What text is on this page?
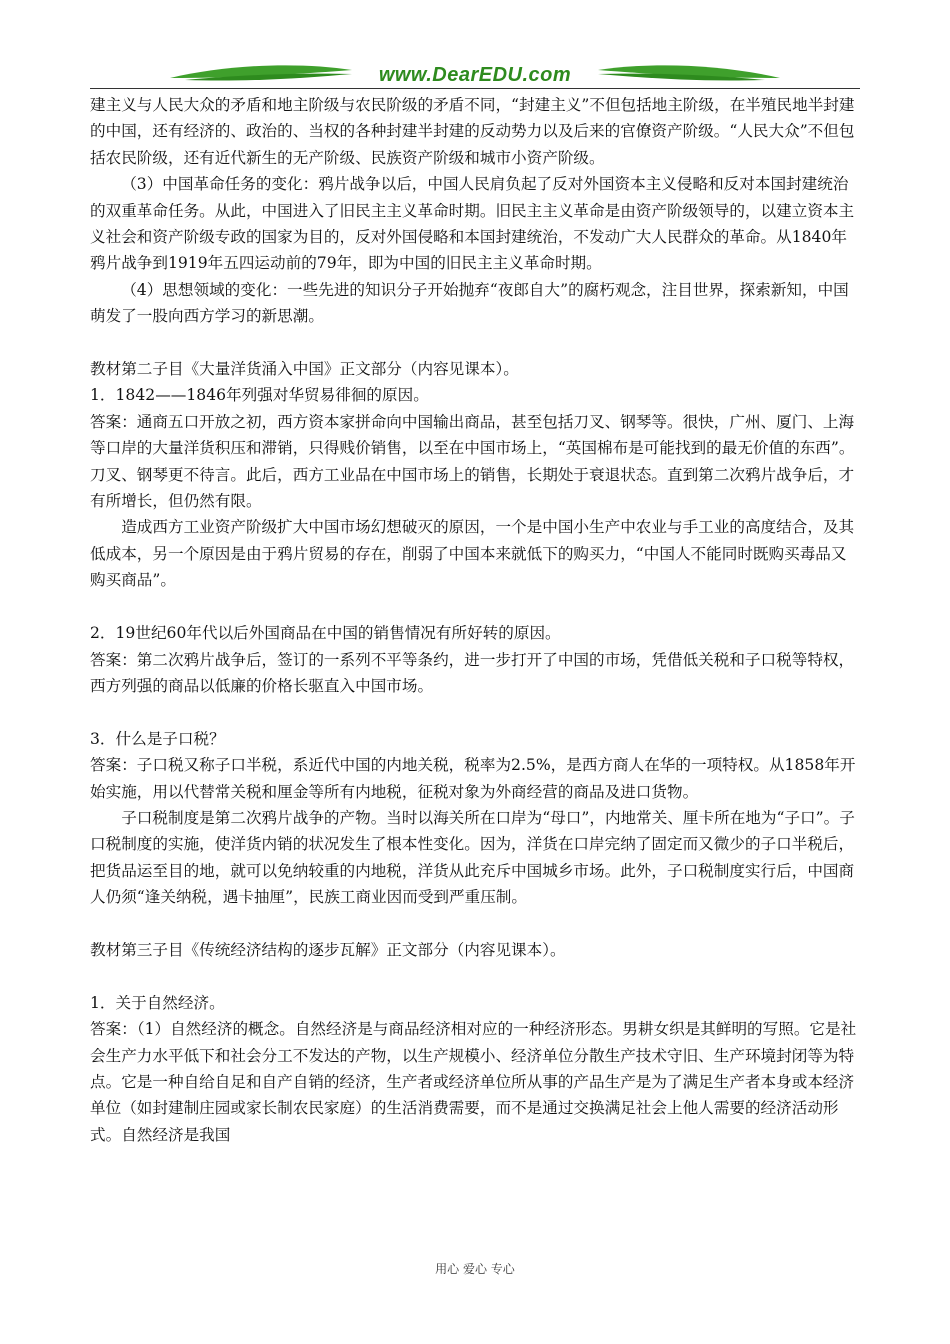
www.DearEDU.com

建主义与人民大众的矛盾和地主阶级与农民阶级的矛盾不同，“封建主义”不但包括地主阶级，在半殖民地半封建的中国，还有经济的、政治的、当权的各种封建半封建的反动势力以及后来的官僚资产阶级。“人民大众”不但包括农民阶级，还有近代新生的无产阶级、民族资产阶级和城市小资产阶级。

（3）中国革命任务的变化：鸦片战争以后，中国人民肩负起了反对外国资本主义侵略和反对本国封建统治的双重革命任务。从此，中国进入了旧民主主义革命时期。旧民主主义革命是由资产阶级领导的，以建立资本主义社会和资产阶级专政的国家为目的，反对外国侵略和本国封建统治，不发动广大人民群众的革命。从1840年鸦片战争到1919年五四运动前的79年，即为中国的旧民主主义革命时期。

（4）思想领域的变化：一些先进的知识分子开始抛弃“夜郎自大”的腐朽观念，注目世界，探索新知，中国萌发了一股向西方学习的新思潮。

教材第二子目《大量洋货涌入中国》正文部分（内容见课本）。

1．1842——1846年列强对华贸易徘徊的原因。

答案：通商五口开放之初，西方资本家拼命向中国输出商品，甚至包括刀叉、钢琴等。很快，广州、厦门、上海等口岸的大量洋货积压和滞销，只得贱价销售，以至在中国市场上，“英国棉布是可能找到的最无价值的东西”。刀叉、钢琴更不待言。此后，西方工业品在中国市场上的销售，长期处于衰退状态。直到第二次鸦片战争后，才有所增长，但仍然有限。

造成西方工业资产阶级扩大中国市场幻想破灭的原因，一个是中国小生产中农业与手工业的高度结合，及其低成本，另一个原因是由于鸦片贸易的存在，削弱了中国本来就低下的购买力，“中国人不能同时既购买毒品又购买商品”。

2．19世纪60年代以后外国商品在中国的销售情况有所好转的原因。

答案：第二次鸦片战争后，签订的一系列不平等条约，进一步打开了中国的市场，凭借低关税和子口税等特权，西方列强的商品以低廉的价格长驱直入中国市场。

3．什么是子口税？

答案：子口税又称子口半税，系近代中国的内地关税，税率为2.5%，是西方商人在华的一项特权。从1858年开始实施，用以代替常关税和厘金等所有内地税，征税对象为外商经营的商品及进口货物。

子口税制度是第二次鸦片战争的产物。当时以海关所在口岸为“母口”，内地常关、厘卡所在地为“子口”。子口税制度的实施，使洋货内销的状况发生了根本性变化。因为，洋货在口岸完纳了固定而又微少的子口半税后，把货品运至目的地，就可以免纳较重的内地税，洋货从此充斥中国城乡市场。此外，子口税制度实行后，中国商人仍须“逢关纳税，遇卡抽厘”，民族工商业因而受到严重压制。

教材第三子目《传统经济结构的逐步瓦解》正文部分（内容见课本）。

1．关于自然经济。

答案：（1）自然经济的概念。自然经济是与商品经济相对应的一种经济形态。男耕女织是其鲜明的写照。它是社会生产力水平低下和社会分工不发达的产物，以生产规模小、经济单位分散生产技术守旧、生产环境封闭等为特点。它是一种自给自足和自产自销的经济，生产者或经济单位所从事的产品生产是为了满足生产者本身或本经济单位（如封建制庄园或家长制农民家庭）的生活消费需要，而不是通过交换满足社会上他人需要的经济活动形式。自然经济是我国

用心 爱心 专心
